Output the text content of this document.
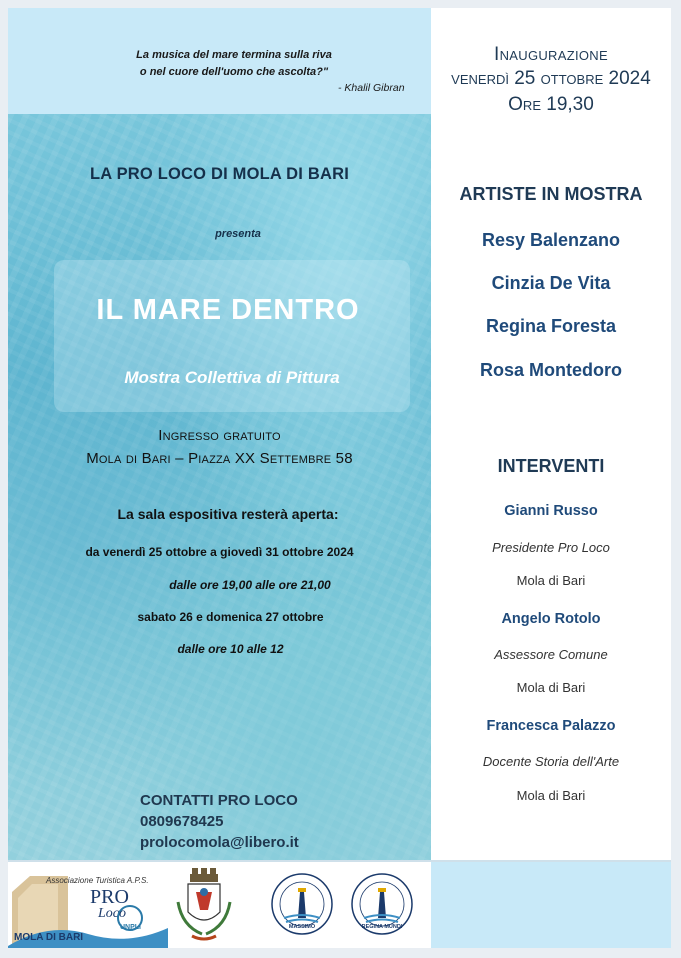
La musica del mare termina sulla riva
o nel cuore dell'uomo che ascolta?"
- Khalil Gibran
LA PRO LOCO DI MOLA DI BARI
presenta
IL MARE DENTRO
Mostra Collettiva di Pittura
Ingresso gratuito
Mola di Bari – Piazza XX Settembre 58
La sala espositiva resterà aperta:
da venerdì 25 ottobre a giovedì 31 ottobre 2024
dalle ore 19,00 alle ore 21,00
sabato 26 e domenica 27 ottobre
dalle ore 10 alle 12
CONTATTI PRO LOCO
0809678425
prolocomola@libero.it
Inaugurazione
venerdì 25 ottobre 2024
Ore 19,30
ARTISTE IN MOSTRA
Resy Balenzano
Cinzia De Vita
Regina Foresta
Rosa Montedoro
INTERVENTI
Gianni Russo
Presidente Pro Loco
Mola di Bari
Angelo Rotolo
Assessore Comune
Mola di Bari
Francesca Palazzo
Docente Storia dell'Arte
Mola di Bari
Associazione Turistica A.P.S.
PRO
Loco
UNPLI
MOLA DI BARI
MASSIMO	REGINA MUNDI
